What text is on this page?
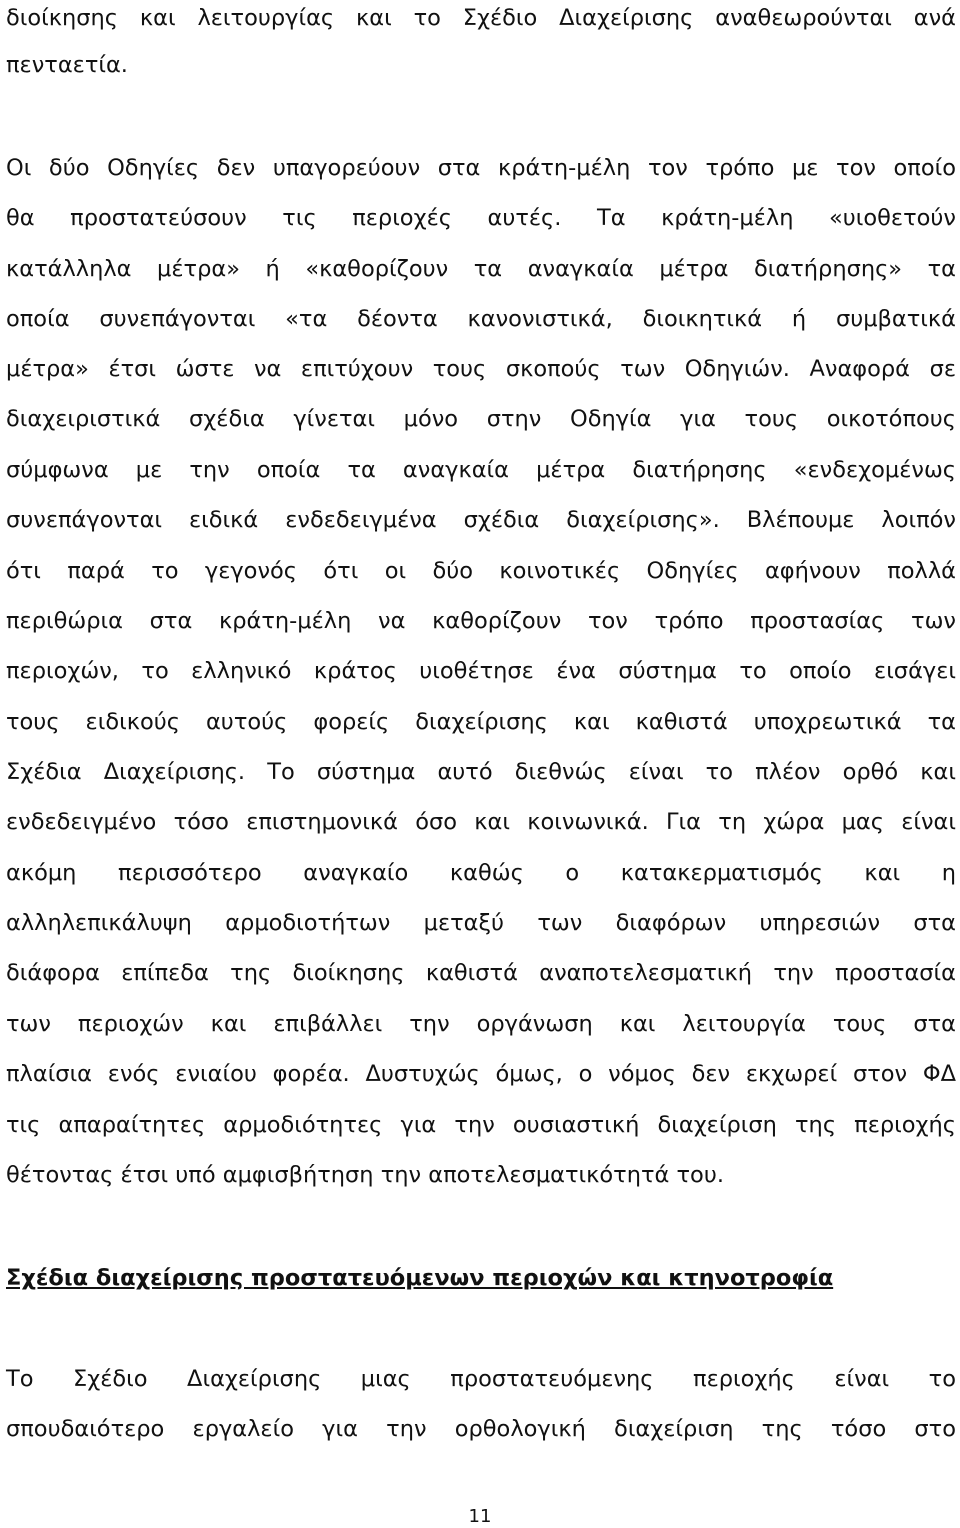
διοίκησης και λειτουργίας και το Σχέδιο Διαχείρισης αναθεωρούνται ανά
πενταετία.
Οι δύο Οδηγίες δεν υπαγορεύουν στα κράτη-μέλη τον τρόπο με τον οποίο
θα προστατεύσουν τις περιοχές αυτές. Τα κράτη-μέλη «υιοθετούν
κατάλληλα μέτρα» ή «καθορίζουν τα αναγκαία μέτρα διατήρησης» τα
οποία συνεπάγονται «τα δέοντα κανονιστικά, διοικητικά ή συμβατικά
μέτρα» έτσι ώστε να επιτύχουν τους σκοπούς των Οδηγιών. Αναφορά σε
διαχειριστικά σχέδια γίνεται μόνο στην Οδηγία για τους οικοτόπους
σύμφωνα με την οποία τα αναγκαία μέτρα διατήρησης «ενδεχομένως
συνεπάγονται ειδικά ενδεδειγμένα σχέδια διαχείρισης». Βλέπουμε λοιπόν
ότι παρά το γεγονός ότι οι δύο κοινοτικές Οδηγίες αφήνουν πολλά
περιθώρια στα κράτη-μέλη να καθορίζουν τον τρόπο προστασίας των
περιοχών, το ελληνικό κράτος υιοθέτησε ένα σύστημα το οποίο εισάγει
τους ειδικούς αυτούς φορείς διαχείρισης και καθιστά υποχρεωτικά τα
Σχέδια Διαχείρισης. Το σύστημα αυτό διεθνώς είναι το πλέον ορθό και
ενδεδειγμένο τόσο επιστημονικά όσο και κοινωνικά. Για τη χώρα μας είναι
ακόμη περισσότερο αναγκαίο καθώς ο κατακερματισμός και η
αλληλεπικάλυψη αρμοδιοτήτων μεταξύ των διαφόρων υπηρεσιών στα
διάφορα επίπεδα της διοίκησης καθιστά αναποτελεσματική την προστασία
των περιοχών και επιβάλλει την οργάνωση και λειτουργία τους στα
πλαίσια ενός ενιαίου φορέα. Δυστυχώς όμως, ο νόμος δεν εκχωρεί στον ΦΔ
τις απαραίτητες αρμοδιότητες για την ουσιαστική διαχείριση της περιοχής
θέτοντας έτσι υπό αμφισβήτηση την αποτελεσματικότητά του.
Σχέδια διαχείρισης προστατευόμενων περιοχών και κτηνοτροφία
Το Σχέδιο Διαχείρισης μιας προστατευόμενης περιοχής είναι το
σπουδαιότερο εργαλείο για την ορθολογική διαχείριση της τόσο στο
11
